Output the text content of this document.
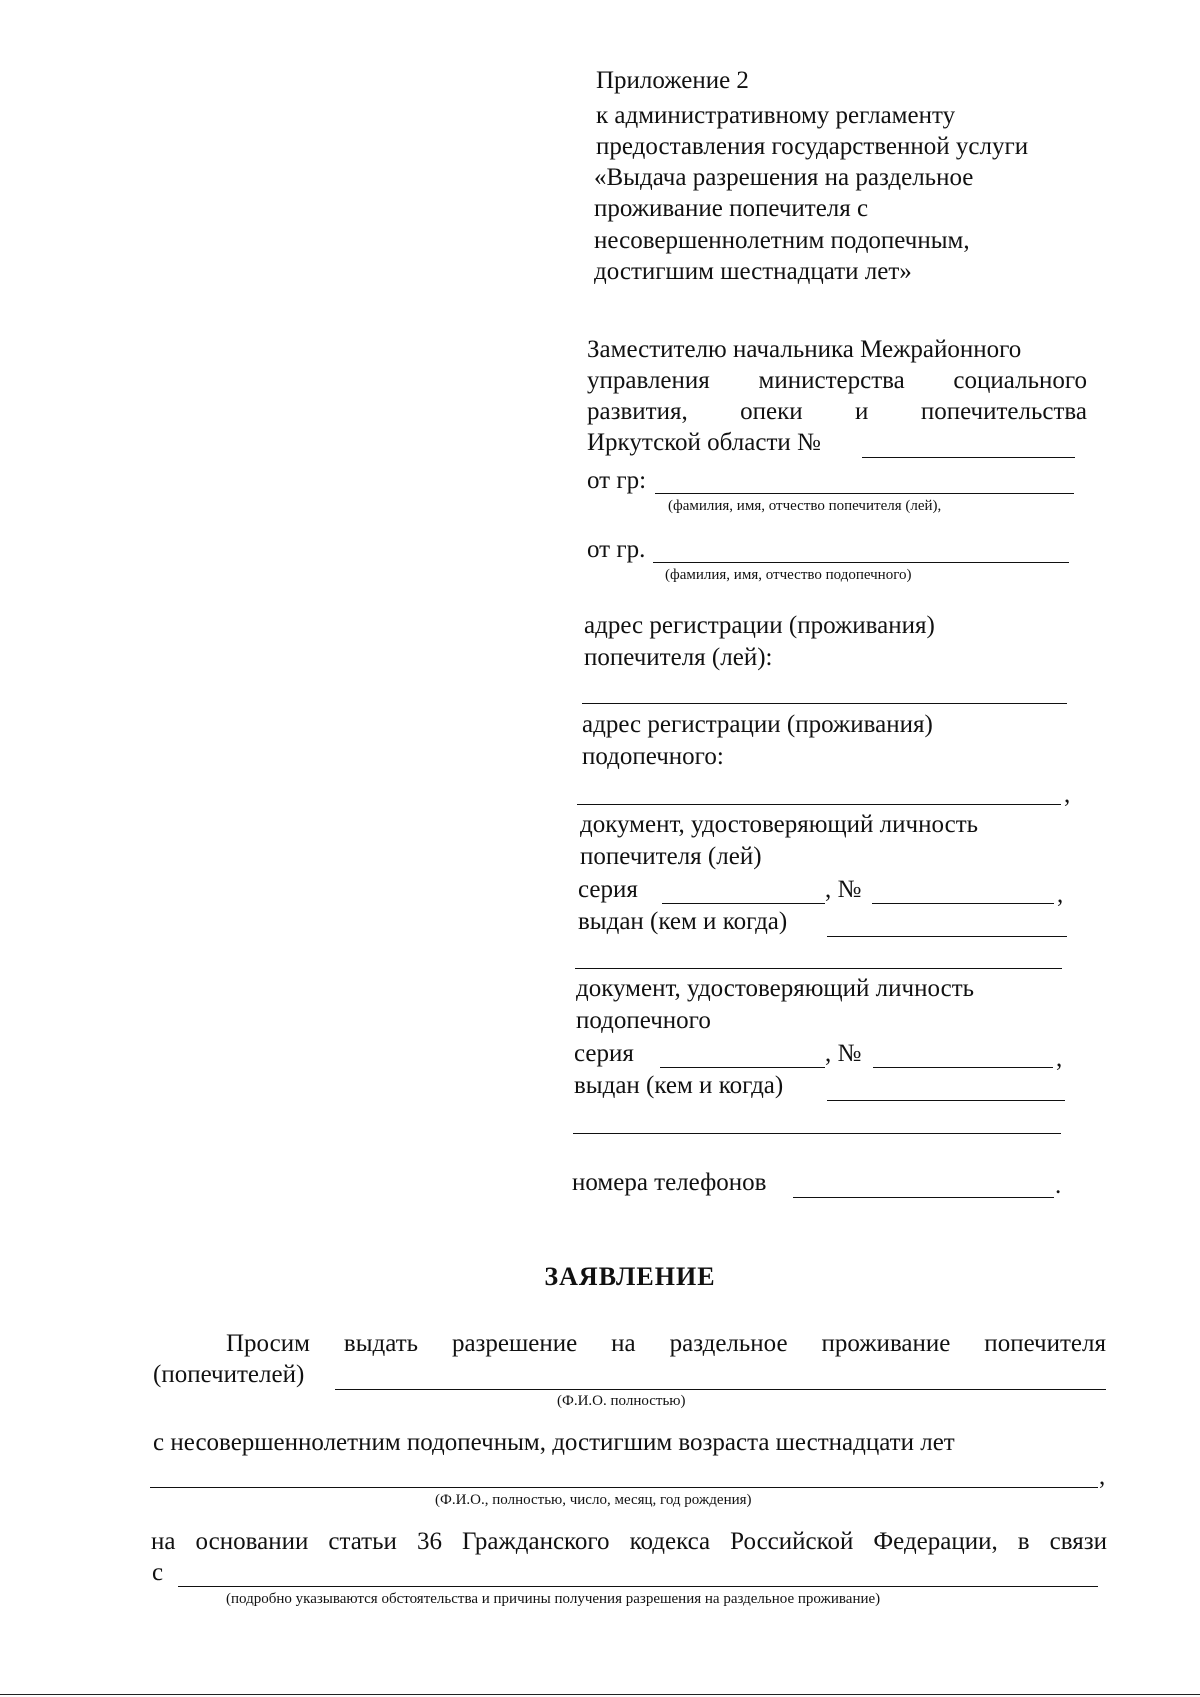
Приложение 2
к административному регламенту
предоставления государственной услуги
«Выдача разрешения на раздельное
проживание попечителя с
несовершеннолетним подопечным,
достигшим шестнадцати лет»
Заместителю начальника Межрайонного
управления министерства социального
развития, опеки и попечительства
Иркутской области №
от гр:
(фамилия, имя, отчество попечителя (лей),
от гр.
(фамилия, имя, отчество подопечного)
адрес регистрации (проживания)
попечителя (лей):
адрес регистрации (проживания)
подопечного:
,
документ, удостоверяющий личность
попечителя (лей)
серия	, №	,
выдан (кем и когда)
документ, удостоверяющий личность
подопечного
серия	, №	,
выдан (кем и когда)
номера телефонов	.
ЗАЯВЛЕНИЕ
Просим выдать разрешение на раздельное проживание попечителя
(попечителей)
(Ф.И.О. полностью)
с несовершеннолетним подопечным, достигшим возраста шестнадцати лет
,
(Ф.И.О., полностью, число, месяц, год рождения)
на основании статьи 36 Гражданского кодекса Российской Федерации, в связи
с
(подробно указываются обстоятельства и причины получения разрешения на раздельное проживание)
